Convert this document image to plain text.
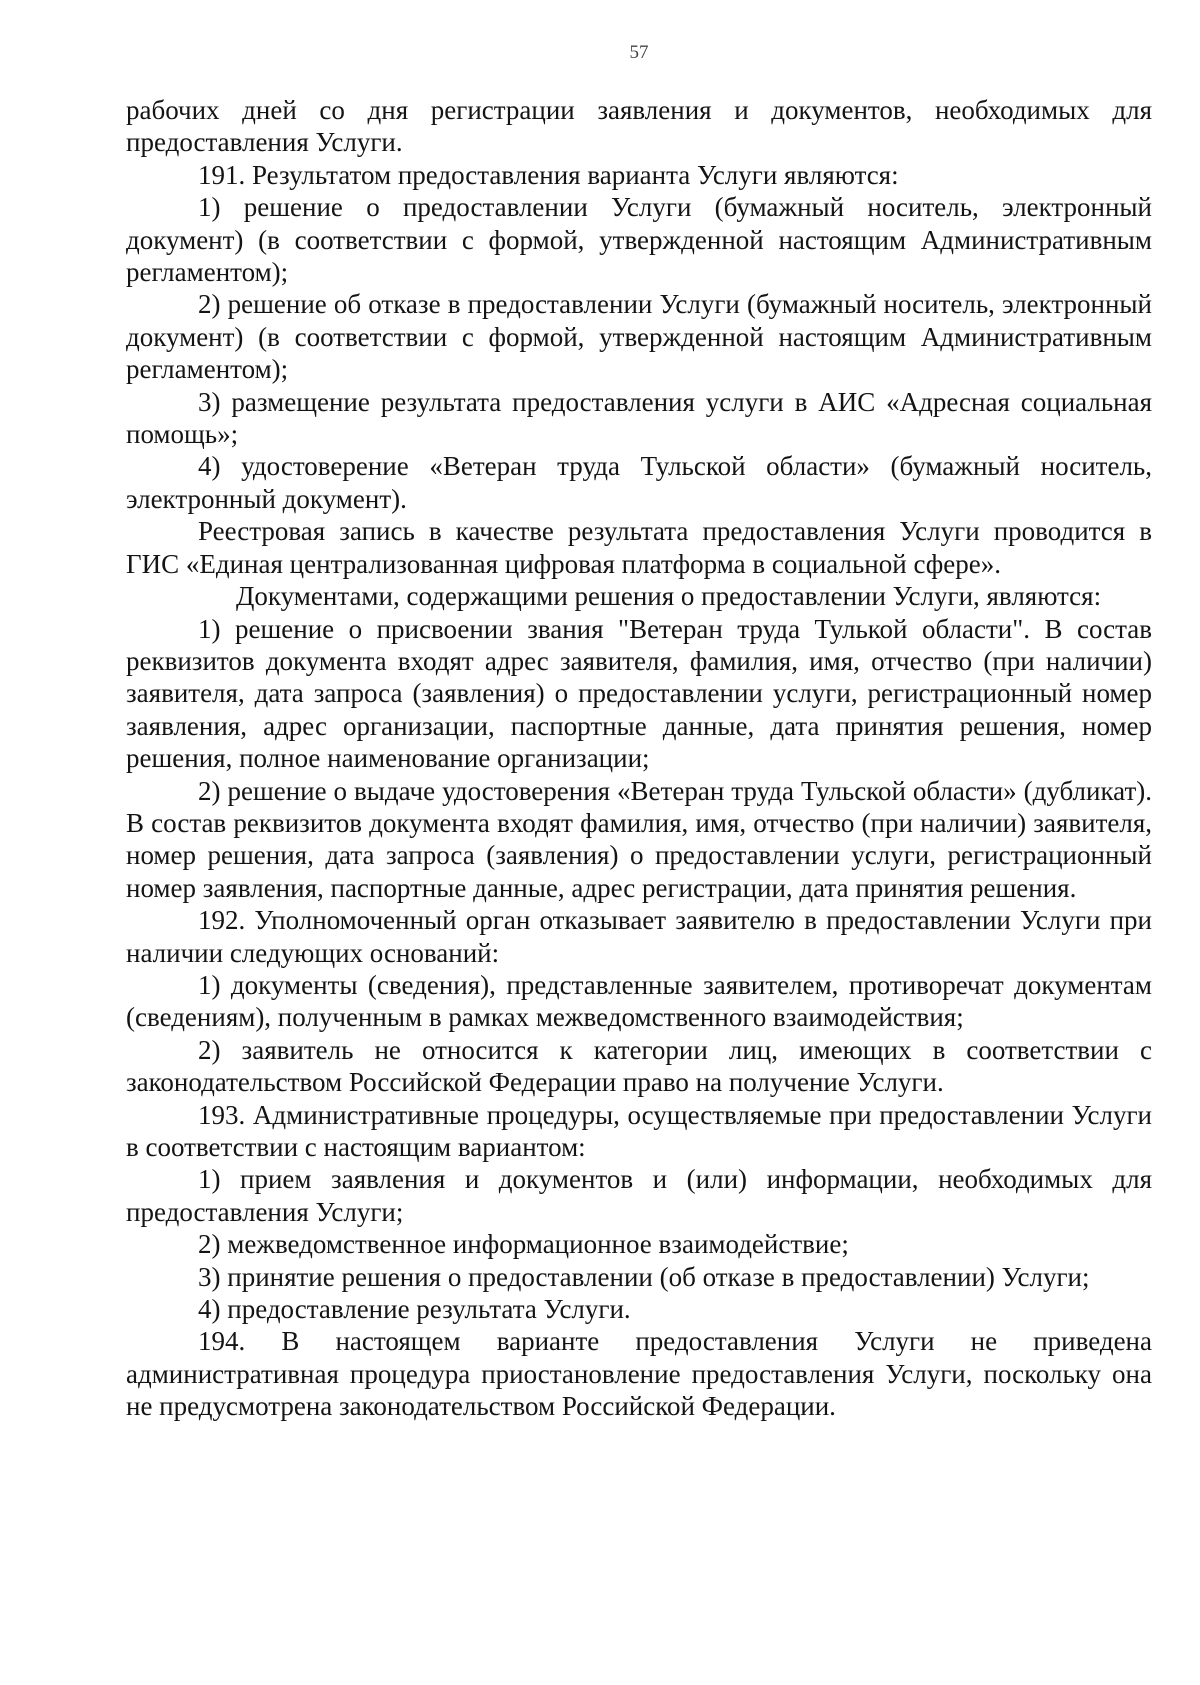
57

рабочих дней со дня регистрации заявления и документов, необходимых для предоставления Услуги.

191. Результатом предоставления варианта Услуги являются:

1) решение о предоставлении Услуги (бумажный носитель, электронный документ) (в соответствии с формой, утвержденной настоящим Административным регламентом);

2) решение об отказе в предоставлении Услуги (бумажный носитель, электронный документ) (в соответствии с формой, утвержденной настоящим Административным регламентом);

3) размещение результата предоставления услуги в АИС «Адресная социальная помощь»;

4) удостоверение «Ветеран труда Тульской области» (бумажный носитель, электронный документ).

Реестровая запись в качестве результата предоставления Услуги проводится в ГИС «Единая централизованная цифровая платформа в социальной сфере».

Документами, содержащими решения о предоставлении Услуги, являются:

1) решение о присвоении звания "Ветеран труда Тулькой области". В состав реквизитов документа входят адрес заявителя, фамилия, имя, отчество (при наличии) заявителя, дата запроса (заявления) о предоставлении услуги, регистрационный номер заявления, адрес организации, паспортные данные, дата принятия решения, номер решения, полное наименование организации;

2) решение о выдаче удостоверения «Ветеран труда Тульской области» (дубликат). В состав реквизитов документа входят фамилия, имя, отчество (при наличии) заявителя, номер решения, дата запроса (заявления) о предоставлении услуги, регистрационный номер заявления, паспортные данные, адрес регистрации, дата принятия решения.

192. Уполномоченный орган отказывает заявителю в предоставлении Услуги при наличии следующих оснований:

1) документы (сведения), представленные заявителем, противоречат документам (сведениям), полученным в рамках межведомственного взаимодействия;

2) заявитель не относится к категории лиц, имеющих в соответствии с законодательством Российской Федерации право на получение Услуги.

193. Административные процедуры, осуществляемые при предоставлении Услуги в соответствии с настоящим вариантом:

1) прием заявления и документов и (или) информации, необходимых для предоставления Услуги;

2) межведомственное информационное взаимодействие;

3) принятие решения о предоставлении (об отказе в предоставлении) Услуги;

4) предоставление результата Услуги.

194. В настоящем варианте предоставления Услуги не приведена административная процедура приостановление предоставления Услуги, поскольку она не предусмотрена законодательством Российской Федерации.
